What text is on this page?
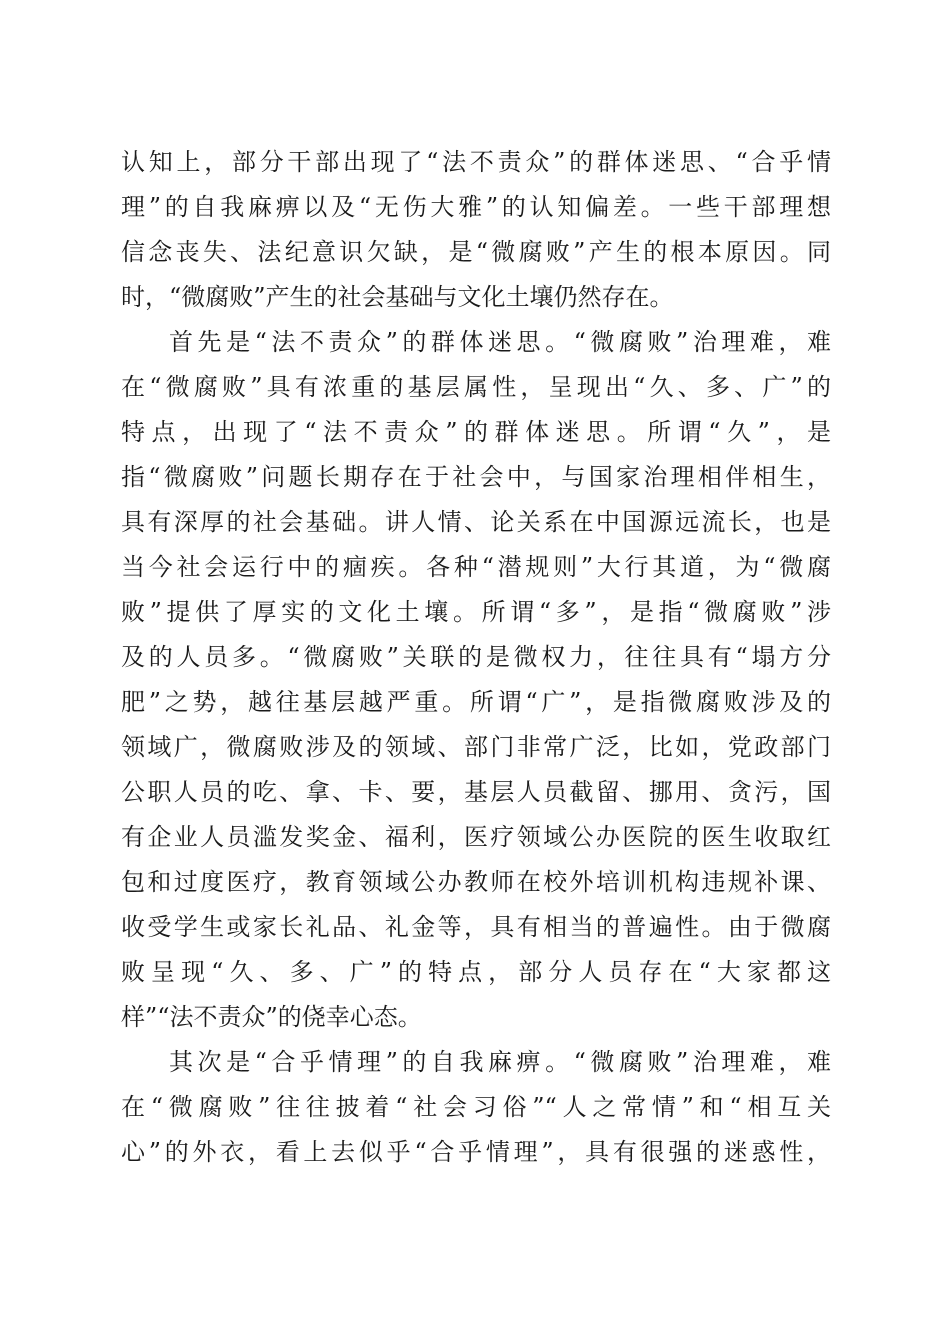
认知上，部分干部出现了“法不责众”的群体迷思、“合乎情
理”的自我麻痹以及“无伤大雅”的认知偏差。一些干部理想
信念丧失、法纪意识欠缺，是“微腐败”产生的根本原因。同
时，“微腐败”产生的社会基础与文化土壤仍然存在。
首先是“法不责众”的群体迷思。“微腐败”治理难，难
在“微腐败”具有浓重的基层属性，呈现出“久、多、广”的
特点，出现了“法不责众”的群体迷思。所谓“久”，是
指“微腐败”问题长期存在于社会中，与国家治理相伴相生，
具有深厚的社会基础。讲人情、论关系在中国源远流长，也是
当今社会运行中的痼疾。各种“潜规则”大行其道，为“微腐
败”提供了厚实的文化土壤。所谓“多”，是指“微腐败”涉
及的人员多。“微腐败”关联的是微权力，往往具有“塌方分
肥”之势，越往基层越严重。所谓“广”，是指微腐败涉及的
领域广，微腐败涉及的领域、部门非常广泛，比如，党政部门
公职人员的吃、拿、卡、要，基层人员截留、挪用、贪污，国
有企业人员滥发奖金、福利，医疗领域公办医院的医生收取红
包和过度医疗，教育领域公办教师在校外培训机构违规补课、
收受学生或家长礼品、礼金等，具有相当的普遍性。由于微腐
败呈现“久、多、广”的特点，部分人员存在“大家都这
样”“法不责众”的侥幸心态。
其次是“合乎情理”的自我麻痹。“微腐败”治理难，难
在“微腐败”往往披着“社会习俗”“人之常情”和“相互关
心”的外衣，看上去似乎“合乎情理”，具有很强的迷惑性，
